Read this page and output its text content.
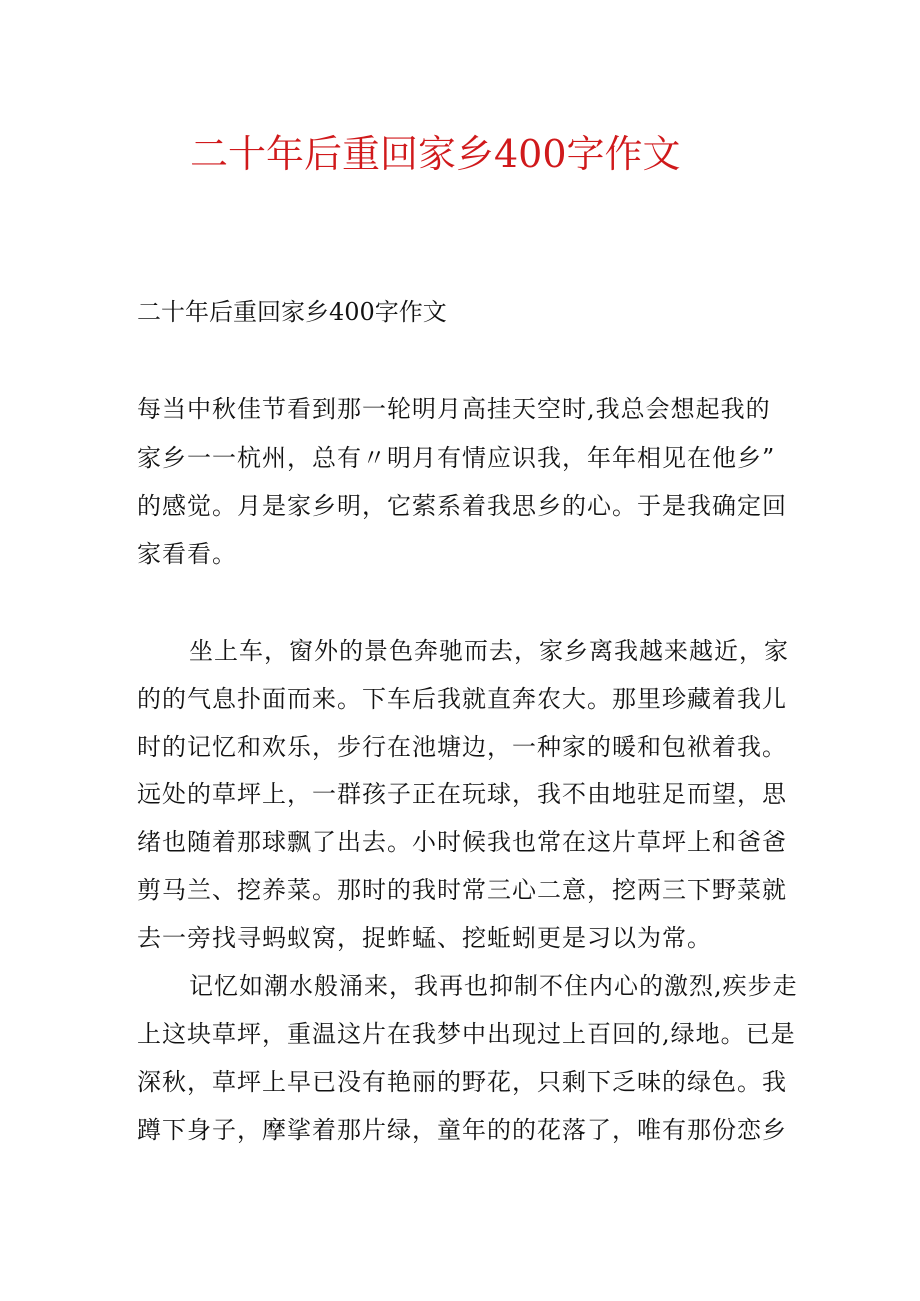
二十年后重回家乡400字作文
二十年后重回家乡400字作文
每当中秋佳节看到那一轮明月高挂天空时,我总会想起我的
家乡一一杭州，总有〃明月有情应识我，年年相见在他乡”
的感觉。月是家乡明，它萦系着我思乡的心。于是我确定回
家看看。
坐上车，窗外的景色奔驰而去，家乡离我越来越近，家
的的气息扑面而来。下车后我就直奔农大。那里珍藏着我儿
时的记忆和欢乐，步行在池塘边，一种家的暖和包袱着我。
远处的草坪上，一群孩子正在玩球，我不由地驻足而望，思
绪也随着那球飘了出去。小时候我也常在这片草坪上和爸爸
剪马兰、挖养菜。那时的我时常三心二意，挖两三下野菜就
去一旁找寻蚂蚁窝，捉蚱蜢、挖蚯蚓更是习以为常。
记忆如潮水般涌来，我再也抑制不住内心的激烈,疾步走
上这块草坪，重温这片在我梦中出现过上百回的,绿地。已是
深秋，草坪上早已没有艳丽的野花，只剩下乏味的绿色。我
蹲下身子，摩挲着那片绿，童年的的花落了，唯有那份恋乡
